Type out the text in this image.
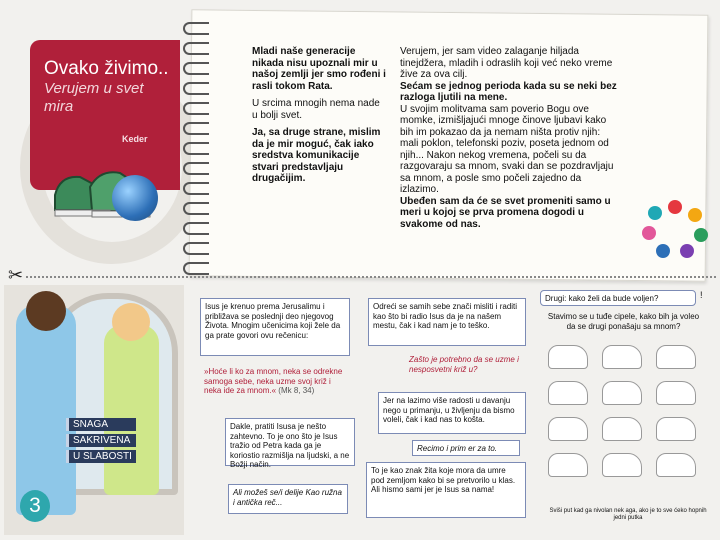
Ovako živimo..
Verujem u svet mira
Keder

Mladi naše generacije nikada nisu upoznali mir u našoj zemlji jer smo rođeni i rasli tokom Rata.

U srcima mnogih nema nade u bolji svet.

Ja, sa druge strane, mislim da je mir moguć, čak iako sredstva komunikacije stvari predstavljaju drugačijim.

Verujem, jer sam video zalaganje hiljada tinejdžera, mladih i odraslih koji već neko vreme žive za ova cilj.

Sećam se jednog perioda kada su se neki bez razloga ljutili na mene.

U svojim molitvama sam poverio Bogu ove momke, izmišljajući mnoge činove ljubavi kako bih im pokazao da ja nemam ništa protiv njih: mali poklon, telefonski poziv, poseta jednom od njih... Nakon nekog vremena, počeli su da razgovaraju sa mnom, svaki dan se pozdravljaju sa mnom, a posle smo počeli zajedno da izlazimo.

Ubeđen sam da će se svet promeniti samo u meri u kojoj se prva promena dogodi u svakome od nas.

✂
SNAGA
SAKRIVENA
U SLABOSTI
3
Isus je krenuo prema Jerusalimu i približava se poslednji deo njegovog Života. Mnogim učenicima koji žele da ga prate govori ovu rečenicu:
»Hoće li ko za mnom, neka se odrekne samoga sebe, neka uzme svoj križ i neka ide za mnom.« (Mk 8, 34)
Dakle, pratiti Isusa je nešto zahtevno. To je ono što je Isus tražio od Petra kada ga je koriostio razmišlja na ljudski, a ne Božji način.
Ali možeš se/i delije Kao ružna i antička reč...
Odreći se samih sebe znači misliti i raditi kao što bi radio Isus da je na našem mestu, čak i kad nam je to teško.
Zašto je potrebno da se uzme i nesposvetni križ u?
Jer na lazimo više radosti u davanju nego u primanju, u življenju da bismo voleli, čak i kad nas to košta.
Recimo i prim er za to.
To je kao znak žita koje mora da umre pod zemljom kako bi se pretvorilo u klas. Ali hismo sami jer je Isus sa nama!
Drugi: kako želi da bude voljen?	!
Stavimo se u tuđe cipele, kako bih ja voleo da se drugi ponašaju sa mnom?
Sviši put kad ga nivolan nek aga, ako je to sve ćeko hopnih jedni putka
